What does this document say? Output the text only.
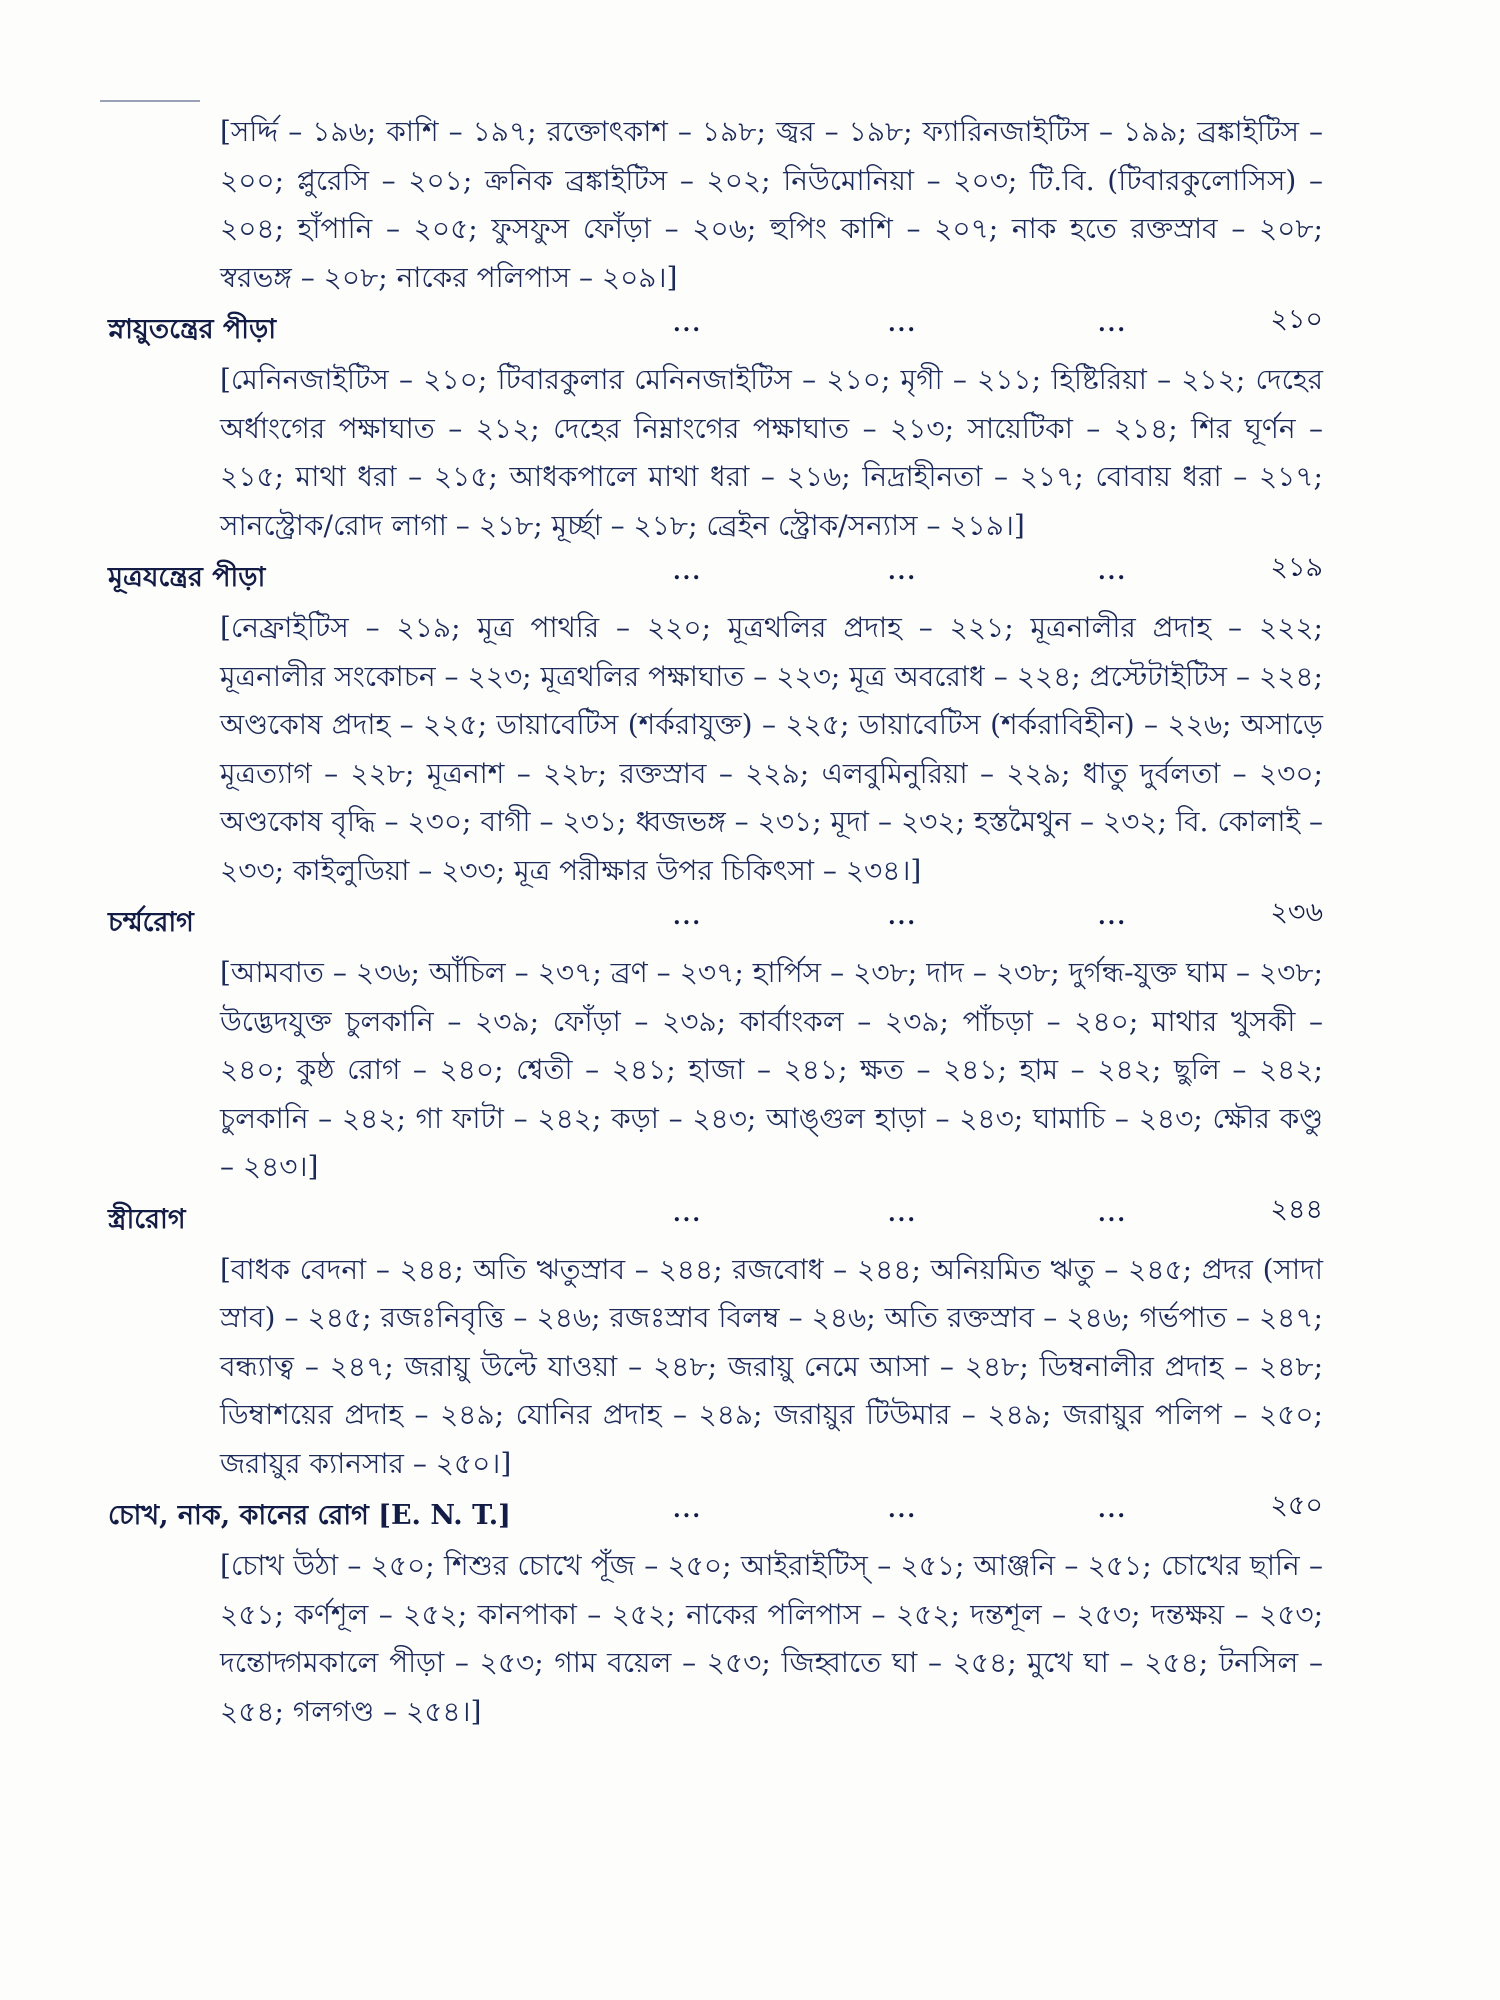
[সর্দ্দি – ১৯৬; কাশি – ১৯৭; রক্তোৎকাশ – ১৯৮; জ্বর – ১৯৮; ফ্যারিনজাইটিস – ১৯৯; ব্রঙ্কাইটিস – ২০০; প্লুরেসি – ২০১; ক্রনিক ব্রঙ্কাইটিস – ২০২; নিউমোনিয়া – ২০৩; টি.বি. (টিবারকুলোসিস) – ২০৪; হাঁপানি – ২০৫; ফুসফুস ফোঁড়া – ২০৬; হুপিং কাশি – ২০৭; নাক হতে রক্তস্রাব – ২০৮; স্বরভঙ্গ – ২০৮; নাকের পলিপাস – ২০৯।]
স্নায়ুতন্ত্রের পীড়া	...	...	...	২১০
[মেনিনজাইটিস – ২১০; টিবারকুলার মেনিনজাইটিস – ২১০; মৃগী – ২১১; হিষ্টিরিয়া – ২১২; দেহের অর্ধাংগের পক্ষাঘাত – ২১২; দেহের নিম্নাংগের পক্ষাঘাত – ২১৩; সায়েটিকা – ২১৪; শির ঘূর্ণন – ২১৫; মাথা ধরা – ২১৫; আধকপালে মাথা ধরা – ২১৬; নিদ্রাহীনতা – ২১৭; বোবায় ধরা – ২১৭; সানস্ট্রোক/রোদ লাগা – ২১৮; মূর্চ্ছা – ২১৮; ব্রেইন স্ট্রোক/সন্যাস – ২১৯।]
মূত্রযন্ত্রের পীড়া	...	...	...	২১৯
[নেফ্রাইটিস – ২১৯; মূত্র পাথরি – ২২০; মূত্রথলির প্রদাহ – ২২১; মূত্রনালীর প্রদাহ – ২২২; মূত্রনালীর সংকোচন – ২২৩; মূত্রথলির পক্ষাঘাত – ২২৩; মূত্র অবরোধ – ২২৪; প্রস্টেটাইটিস – ২২৪; অণ্ডকোষ প্রদাহ – ২২৫; ডায়াবেটিস (শর্করাযুক্ত) – ২২৫; ডায়াবেটিস (শর্করাবিহীন) – ২২৬; অসাড়ে মূত্রত্যাগ – ২২৮; মূত্রনাশ – ২২৮; রক্তস্রাব – ২২৯; এলবুমিনুরিয়া – ২২৯; ধাতু দুর্বলতা – ২৩০; অণ্ডকোষ বৃদ্ধি – ২৩০; বাগী – ২৩১; ধ্বজভঙ্গ – ২৩১; মূদা – ২৩২; হস্তমৈথুন – ২৩২; বি. কোলাই – ২৩৩; কাইলুডিয়া – ২৩৩; মূত্র পরীক্ষার উপর চিকিৎসা – ২৩৪।]
চর্ম্মরোগ	...	...	...	২৩৬
[আমবাত – ২৩৬; আঁচিল – ২৩৭; ব্রণ – ২৩৭; হার্পিস – ২৩৮; দাদ – ২৩৮; দুর্গন্ধ-যুক্ত ঘাম – ২৩৮; উদ্ভেদযুক্ত চুলকানি – ২৩৯; ফোঁড়া – ২৩৯; কার্বাংকল – ২৩৯; পাঁচড়া – ২৪০; মাথার খুসকী – ২৪০; কুষ্ঠ রোগ – ২৪০; শ্বেতী – ২৪১; হাজা – ২৪১; ক্ষত – ২৪১; হাম – ২৪২; ছুলি – ২৪২; চুলকানি – ২৪২; গা ফাটা – ২৪২; কড়া – ২৪৩; আঙ্গুল হাড়া – ২৪৩; ঘামাচি – ২৪৩; ক্ষৌর কণ্ডু – ২৪৩।]
স্ত্রীরোগ	...	...	...	২৪৪
[বাধক বেদনা – ২৪৪; অতি ঋতুস্রাব – ২৪৪; রজবোধ – ২৪৪; অনিয়মিত ঋতু – ২৪৫; প্রদর (সাদা স্রাব) – ২৪৫; রজঃনিবৃত্তি – ২৪৬; রজঃস্রাব বিলম্ব – ২৪৬; অতি রক্তস্রাব – ২৪৬; গর্ভপাত – ২৪৭; বন্ধ্যাত্ব – ২৪৭; জরায়ু উল্টে যাওয়া – ২৪৮; জরায়ু নেমে আসা – ২৪৮; ডিম্বনালীর প্রদাহ – ২৪৮; ডিম্বাশয়ের প্রদাহ – ২৪৯; যোনির প্রদাহ – ২৪৯; জরায়ুর টিউমার – ২৪৯; জরায়ুর পলিপ – ২৫০; জরায়ুর ক্যানসার – ২৫০।]
চোখ, নাক, কানের রোগ [E. N. T.]	...	...	...	২৫০
[চোখ উঠা – ২৫০; শিশুর চোখে পূঁজ – ২৫০; আইরাইটিস্ – ২৫১; আঞ্জনি – ২৫১; চোখের ছানি – ২৫১; কর্ণশূল – ২৫২; কানপাকা – ২৫২; নাকের পলিপাস – ২৫২; দন্তশূল – ২৫৩; দন্তক্ষয় – ২৫৩; দন্তোদ্গমকালে পীড়া – ২৫৩; গাম বয়েল – ২৫৩; জিহ্বাতে ঘা – ২৫৪; মুখে ঘা – ২৫৪; টনসিল – ২৫৪; গলগণ্ড – ২৫৪।]
